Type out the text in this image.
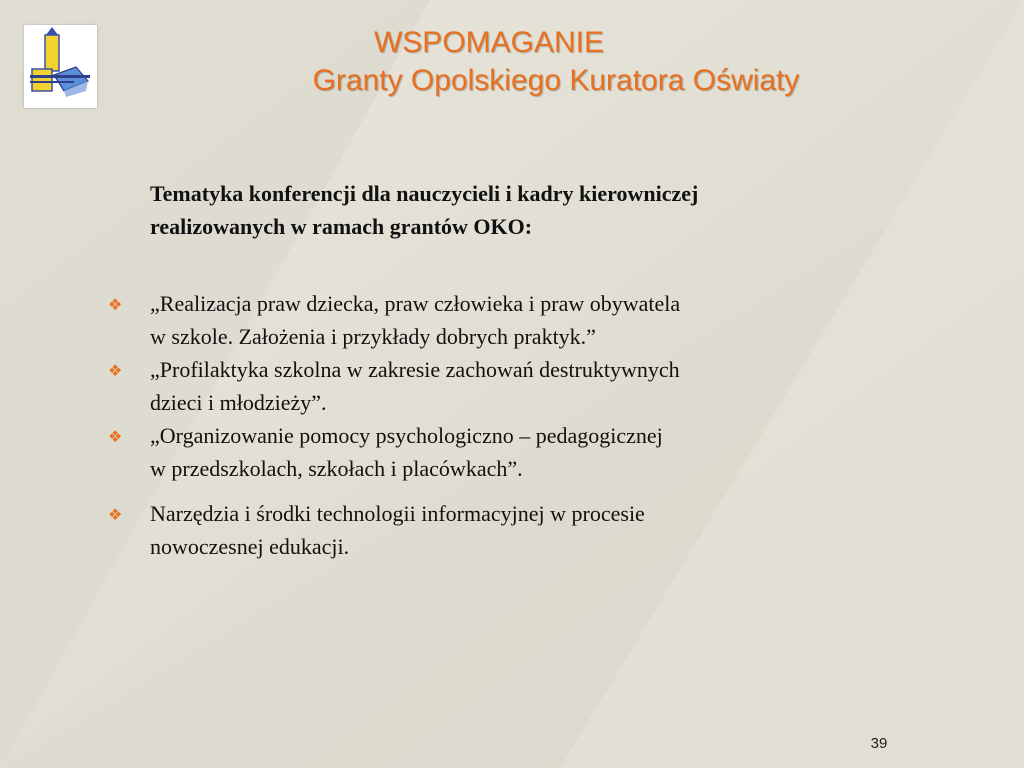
WSPOMAGANIE
Granty Opolskiego Kuratora Oświaty
Tematyka konferencji dla nauczycieli i kadry kierowniczej
realizowanych w ramach grantów OKO:
❖ „Realizacja praw dziecka, praw człowieka i praw obywatela
w szkole. Założenia i przykłady dobrych praktyk.”
❖ „Profilaktyka szkolna w zakresie zachowań destruktywnych
dzieci i młodzieży”.
❖ „Organizowanie pomocy psychologiczno – pedagogicznej
w przedszkolach, szkołach i placówkach”.
❖ Narzędzia i środki technologii informacyjnej w procesie
nowoczesnej edukacji.
39
